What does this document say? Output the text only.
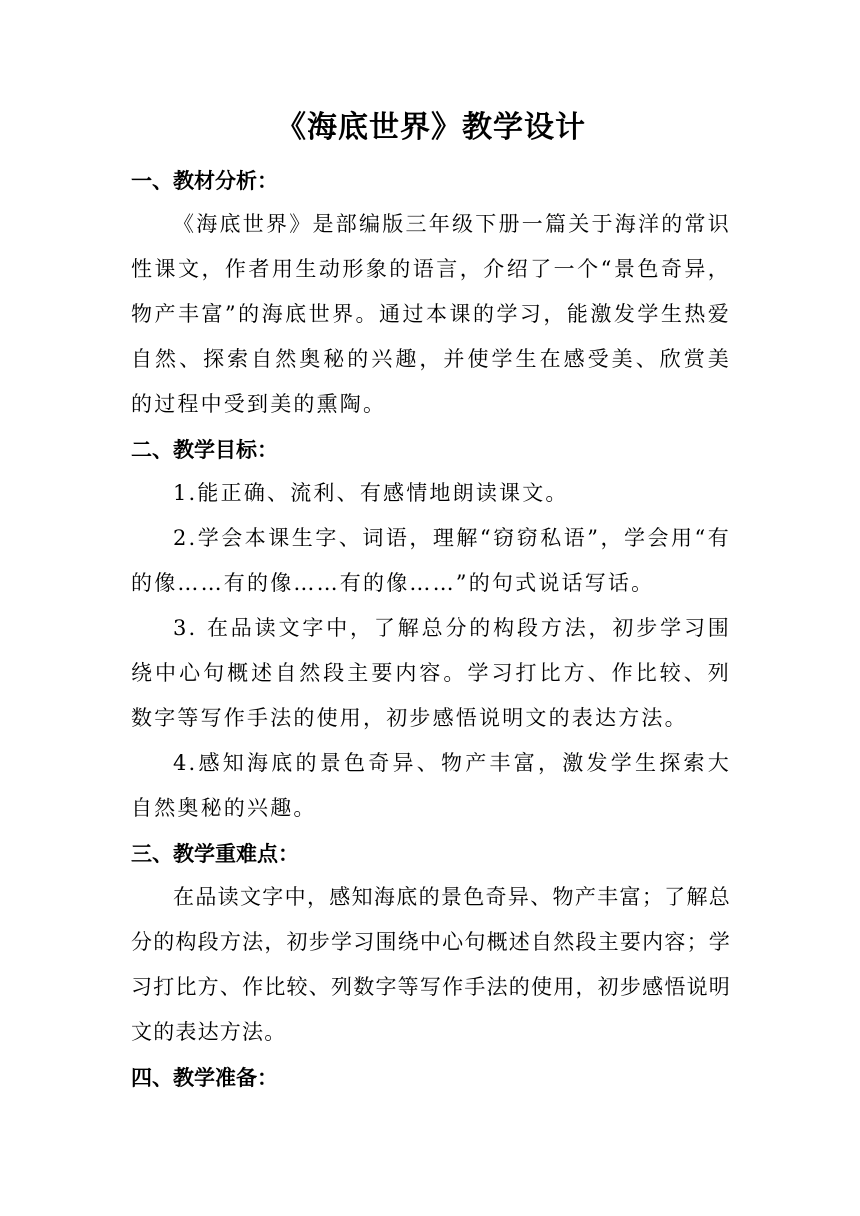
《海底世界》教学设计
一、教材分析：

《海底世界》是部编版三年级下册一篇关于海洋的常识性课文，作者用生动形象的语言，介绍了一个“景色奇异，物产丰富”的海底世界。通过本课的学习，能激发学生热爱自然、探索自然奥秘的兴趣，并使学生在感受美、欣赏美的过程中受到美的熏陶。

二、教学目标：

1.能正确、流利、有感情地朗读课文。

2.学会本课生字、词语，理解“窃窃私语”，学会用“有的像……有的像……有的像……”的句式说话写话。

3. 在品读文字中，了解总分的构段方法，初步学习围绕中心句概述自然段主要内容。学习打比方、作比较、列数字等写作手法的使用，初步感悟说明文的表达方法。

4.感知海底的景色奇异、物产丰富，激发学生探索大自然奥秘的兴趣。

三、教学重难点：

在品读文字中，感知海底的景色奇异、物产丰富；了解总分的构段方法，初步学习围绕中心句概述自然段主要内容；学习打比方、作比较、列数字等写作手法的使用，初步感悟说明文的表达方法。

四、教学准备：
